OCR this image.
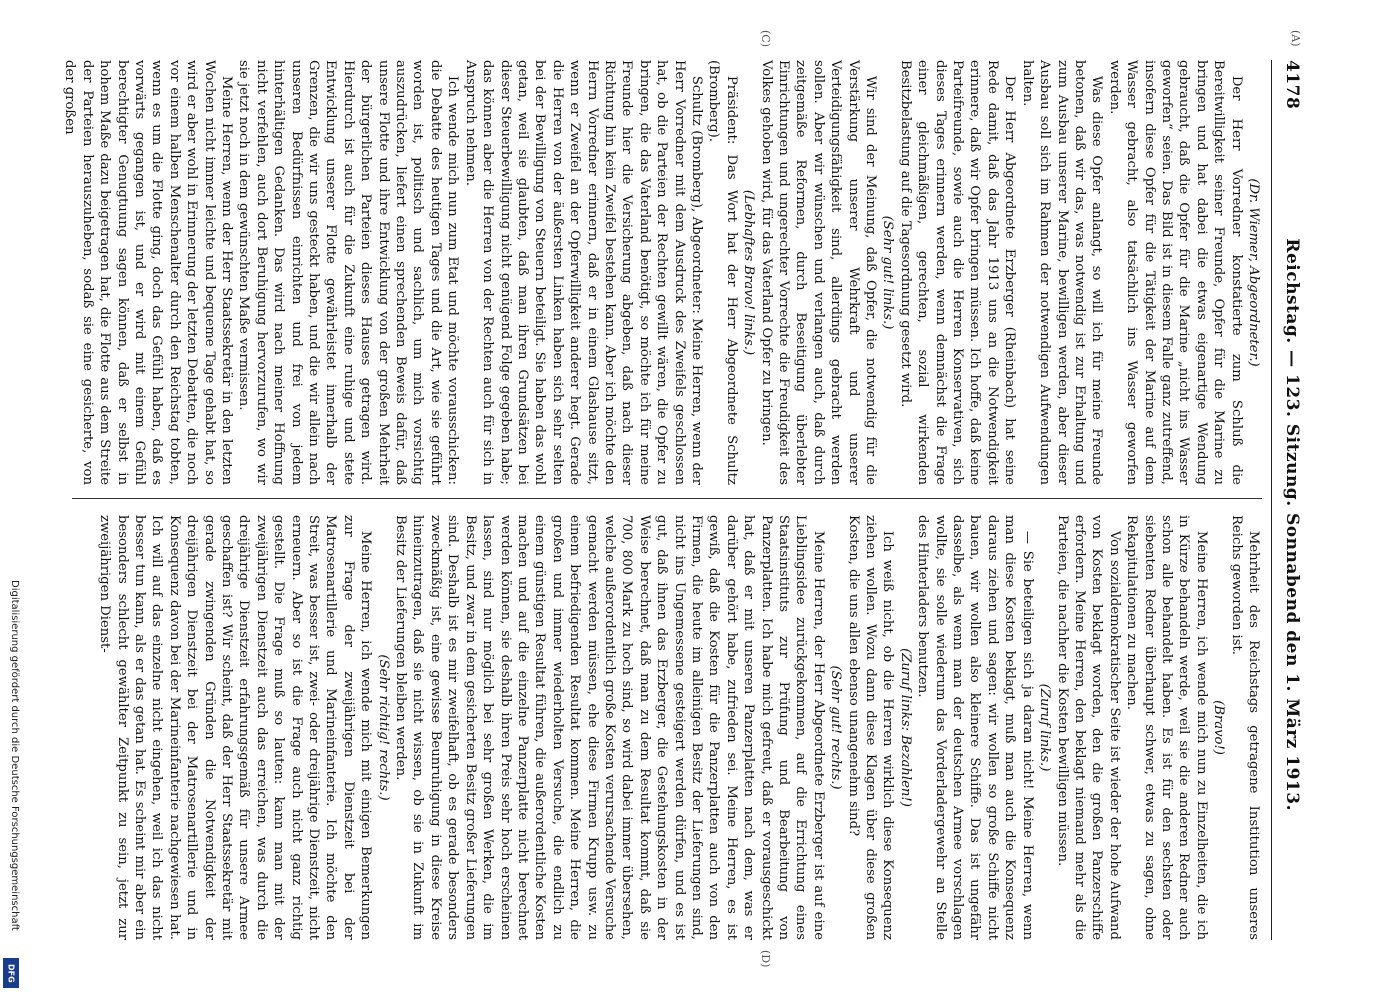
Digitalisierung gefördert durch die Deutsche Forschungsgemeinschaft
DFG
(A)
(C)
(D)
4178
Reichstag. — 123. Sitzung. Sonnabend den 1. März 1913.

(Dr. Wiemer, Abgeordneter.)

Der Herr Vorredner konstatierte zum Schluß die Bereitwilligkeit seiner Freunde, Opfer für die Marine zu bringen und hat dabei die etwas eigenartige Wendung gebraucht, daß die Opfer für die Marine „nicht ins Wasser geworfen“ seien. Das Bild ist in diesem Falle ganz zutreffend, insofern diese Opfer für die Tätigkeit der Marine auf dem Wasser gebracht, also tatsächlich ins Wasser geworfen werden.

Was diese Opfer anlangt, so will ich für meine Freunde betonen, daß wir das, was notwendig ist zur Erhaltung und zum Ausbau unserer Marine, bewilligen werden, aber dieser Ausbau soll sich im Rahmen der notwendigen Aufwendungen halten.

Der Herr Abgeordnete Erzberger (Rheinbach) hat seine Rede damit, daß das Jahr 1913 uns an die Notwendigkeit erinnere, daß wir Opfer bringen müssen. Ich hoffe, daß keine Parteifreunde, sowie auch die Herren Konservativen, sich dieses Tages erinnern werden, wenn demnächst die Frage einer gleichmäßigen, gerechten, sozial wirkenden Besitzbelastung auf die Tagesordnung gesetzt wird.

(Sehr gut! links.)

Wir sind der Meinung, daß Opfer, die notwendig für die Verstärkung unserer Wehrkraft und unserer Verteidigungsfähigkeit sind, allerdings gebracht werden sollen. Aber wir wünschen und verlangen auch, daß durch zeitgemäße Reformen, durch Beseitigung überlebter Einrichtungen und ungerechter Vorrechte die Freudigkeit des Volkes gehoben wird, für das Vaterland Opfer zu bringen.

(Lebhaftes Bravo! links.)

Präsident: Das Wort hat der Herr Abgeordnete Schultz (Bromberg).

Schultz (Bromberg), Abgeordneter: Meine Herren, wenn der Herr Vorredner mit dem Ausdruck des Zweifels geschlossen hat, ob die Parteien der Rechten gewillt wären, die Opfer zu bringen, die das Vaterland benötigt, so möchte ich für meine Freunde hier die Versicherung abgeben, daß nach dieser Richtung hin kein Zweifel bestehen kann. Aber ich möchte den Herrn Vorredner erinnern, daß er in einem Glashause sitzt, wenn er Zweifel an der Opferwilligkeit anderer hegt. Gerade die Herren von der äußersten Linken haben sich sehr selten bei der Bewilligung von Steuern beteiligt. Sie haben das wohl getan, weil sie glaubten, daß man ihren Grundsätzen bei dieser Steuerbewilligung nicht genügend Folge gegeben habe; das können aber die Herren von der Rechten auch für sich in Anspruch nehmen.

Ich wende mich nun zum Etat und möchte vorausschicken: die Debatte des heutigen Tages und die Art, wie sie geführt worden ist, politisch und sachlich, um mich vorsichtig auszudrücken, liefert einen sprechenden Beweis dafür, daß unsere Flotte und ihre Entwicklung von der großen Mehrheit der bürgerlichen Parteien dieses Hauses getragen wird. Hierdurch ist auch für die Zukunft eine ruhige und stete Entwicklung unserer Flotte gewährleistet innerhalb der Grenzen, die wir uns gesteckt haben, und die wir allein nach unseren Bedürfnissen einrichten und frei von jedem hinterhältigen Gedanken. Das wird nach meiner Hoffnung nicht verfehlen, auch dort Beruhigung hervorzurufen, wo wir sie jetzt noch in dem gewünschten Maße vermissen.

Meine Herren, wenn der Herr Staatssekretär in den letzten Wochen nicht immer leichte und bequeme Tage gehabt hat, so wird er aber wohl in Erinnerung der letzten Debatten, die noch vor einem halben Menschenalter durch den Reichstag tobten, wenn es um die Flotte ging, doch das Gefühl haben, daß es vorwärts gegangen ist, und er wird mit einem Gefühl berechtigter Genugtuung sagen können, daß er selbst in hohem Maße dazu beigetragen hat, die Flotte aus dem Streite der Parteien herauszuheben, sodaß sie eine gesicherte, von der großen

Mehrheit des Reichstags getragene Institution unseres Reichs geworden ist.

(Bravo!)

Meine Herren, ich wende mich nun zu Einzelheiten, die ich in Kürze behandeln werde, weil sie die anderen Redner auch schon alle behandelt haben. Es ist für den sechsten oder siebenten Redner überhaupt schwer, etwas zu sagen, ohne Rekapitulationen zu machen.

Von sozialdemokratischer Seite ist wieder der hohe Aufwand von Kosten beklagt worden, den die großen Panzerschiffe erfordern. Meine Herren, den beklagt niemand mehr als die Parteien, die nachher die Kosten bewilligen müssen.

(Zuruf links.)

— Sie beteiligen sich ja daran nicht! Meine Herren, wenn man diese Kosten beklagt, muß man auch die Konsequenz daraus ziehen und sagen: wir wollen so große Schiffe nicht bauen, wir wollen also kleinere Schiffe. Das ist ungefähr dasselbe, als wenn man der deutschen Armee vorschlagen wollte, sie solle wiederum das Vorderladergewehr an Stelle des Hinterladers benutzen.

(Zuruf links: Bezahlen!)

Ich weiß nicht, ob die Herren wirklich diese Konsequenz ziehen wollen. Wozu dann diese Klagen über diese großen Kosten, die uns allen ebenso unangenehm sind?

(Sehr gut! rechts.)

Meine Herren, der Herr Abgeordnete Erzberger ist auf eine Lieblingsidee zurückgekommen, auf die Errichtung eines Staatsinstituts zur Prüfung und Bearbeitung von Panzerplatten. Ich habe mich gefreut, daß er vorausgeschickt hat, daß er mit unseren Panzerplatten nach dem, was er darüber gehört habe, zufrieden sei. Meine Herren, es ist gewiß, daß die Kosten für die Panzerplatten auch von den Firmen, die heute im alleinigen Besitz der Lieferungen sind, nicht ins Ungemessene gesteigert werden dürfen, und es ist gut, daß ihnen das Erzberger, die Gestehungskosten in der Weise berechnet, daß man zu dem Resultat kommt, daß sie 700, 800 Mark zu hoch sind, so wird dabei immer übersehen, welche außerordentlich große Kosten verursachende Versuche gemacht werden müssen, ehe diese Firmen Krupp usw. zu einem befriedigenden Resultat kommen. Meine Herren, die großen und immer wiederholten Versuche, die endlich zu einem günstigen Resultat führen, die außerordentliche Kosten machen und auf die einzelne Panzerplatte nicht berechnet werden können, sie deshalb ihren Preis sehr hoch erscheinen lassen, sind nur möglich bei sehr großen Werken, die im Besitz, und zwar in dem gesicherten Besitz großer Lieferungen sind. Deshalb ist es mir zweifelhaft, ob es gerade besonders zweckmäßig ist, eine gewisse Beunruhigung in diese Kreise hineinzutragen, daß sie nicht wissen, ob sie in Zukunft im Besitz der Lieferungen bleiben werden.

(Sehr richtig! rechts.)

Meine Herren, ich wende mich mit einigen Bemerkungen zur Frage der zweijährigen Dienstzeit bei der Matrosenartillerie und Marineinfanterie. Ich möchte den Streit, was besser ist, zwei- oder dreijährige Dienstzeit, nicht erneuern. Aber so ist die Frage auch nicht ganz richtig gestellt. Die Frage muß so lauten: kann man mit der zweijährigen Dienstzeit auch das erreichen, was durch die dreijährige Dienstzeit erfahrungsgemäß für unsere Armee geschaffen ist? Wir scheint, daß der Herr Staatssekretär mit gerade zwingenden Gründen die Notwendigkeit der dreijährigen Dienstzeit bei der Matrosenartillerie und in Konsequenz davon bei der Marineinfanterie nachgewiesen hat. Ich will auf das einzelne nicht eingehen, weil ich das nicht besser tun kann, als er das getan hat. Es scheint mir aber ein besonders schlecht gewählter Zeitpunkt zu sein, jetzt zur zweijährigen Dienst-
